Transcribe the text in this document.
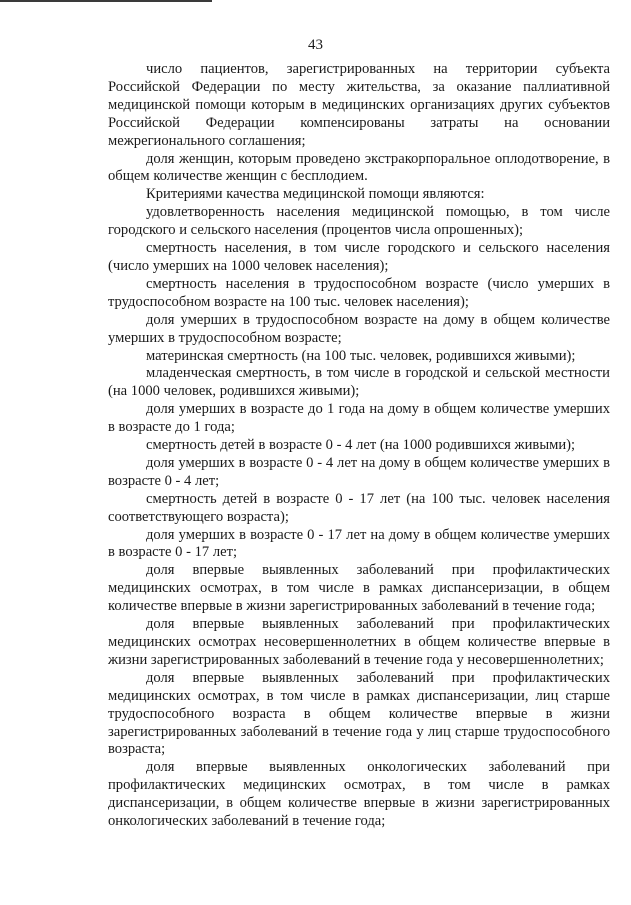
43

число пациентов, зарегистрированных на территории субъекта Российской Федерации по месту жительства, за оказание паллиативной медицинской помощи которым в медицинских организациях других субъектов Российской Федерации компенсированы затраты на основании межрегионального соглашения;

доля женщин, которым проведено экстракорпоральное оплодотворение, в общем количестве женщин с бесплодием.

Критериями качества медицинской помощи являются:

удовлетворенность населения медицинской помощью, в том числе городского и сельского населения (процентов числа опрошенных);

смертность населения, в том числе городского и сельского населения (число умерших на 1000 человек населения);

смертность населения в трудоспособном возрасте (число умерших в трудоспособном возрасте на 100 тыс. человек населения);

доля умерших в трудоспособном возрасте на дому в общем количестве умерших в трудоспособном возрасте;

материнская смертность (на 100 тыс. человек, родившихся живыми);

младенческая смертность, в том числе в городской и сельской местности (на 1000 человек, родившихся живыми);

доля умерших в возрасте до 1 года на дому в общем количестве умерших в возрасте до 1 года;

смертность детей в возрасте 0 - 4 лет (на 1000 родившихся живыми);

доля умерших в возрасте 0 - 4 лет на дому в общем количестве умерших в возрасте 0 - 4 лет;

смертность детей в возрасте 0 - 17 лет (на 100 тыс. человек населения соответствующего возраста);

доля умерших в возрасте 0 - 17 лет на дому в общем количестве умерших в возрасте 0 - 17 лет;

доля впервые выявленных заболеваний при профилактических медицинских осмотрах, в том числе в рамках диспансеризации, в общем количестве впервые в жизни зарегистрированных заболеваний в течение года;

доля впервые выявленных заболеваний при профилактических медицинских осмотрах несовершеннолетних в общем количестве впервые в жизни зарегистрированных заболеваний в течение года у несовершеннолетних;

доля впервые выявленных заболеваний при профилактических медицинских осмотрах, в том числе в рамках диспансеризации, лиц старше трудоспособного возраста в общем количестве впервые в жизни зарегистрированных заболеваний в течение года у лиц старше трудоспособного возраста;

доля впервые выявленных онкологических заболеваний при профилактических медицинских осмотрах, в том числе в рамках диспансеризации, в общем количестве впервые в жизни зарегистрированных онкологических заболеваний в течение года;
